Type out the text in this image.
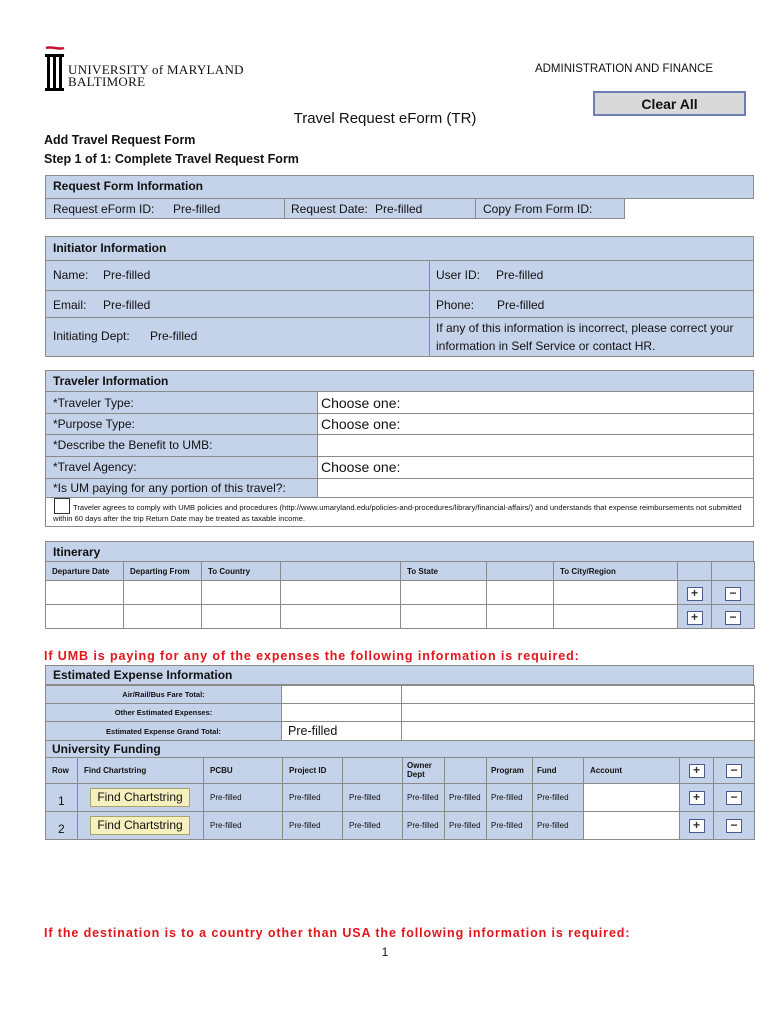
UNIVERSITY of MARYLAND
BALTIMORE
ADMINISTRATION AND FINANCE
Clear All
Travel Request eForm (TR)
Add Travel Request Form
Step 1 of 1: Complete Travel Request Form
Request Form Information
Request eForm ID: Pre-filled	Request Date: Pre-filled	Copy From Form ID:
Initiator Information
Name: Pre-filled	User ID: Pre-filled
Email: Pre-filled	Phone: Pre-filled
Initiating Dept: Pre-filled
If any of this information is incorrect, please correct your information in Self Service or contact HR.
Traveler Information
*Traveler Type:	Choose one:
*Purpose Type:	Choose one:
*Describe the Benefit to UMB:
*Travel Agency:	Choose one:
*Is UM paying for any portion of this travel?:
Traveler agrees to comply with UMB policies and procedures (http://www.umaryland.edu/policies-and-procedures/library/financial-affairs/) and understands that expense reimbursements not submitted within 60 days after the trip Return Date may be treated as taxable income.
Itinerary
Departure Date	Departing From	To Country		To State		To City/Region		
							+	−
							+	−
If UMB is paying for any of the expenses the following information is required:
Estimated Expense Information
Air/Rail/Bus Fare Total:		
Other Estimated Expenses:		
Estimated Expense Grand Total:	Pre-filled	
University Funding

Row	Find Chartstring	PCBU	Project ID		Owner Dept		Program	Fund	Account	+	−
1	Find Chartstring	Pre-filled	Pre-filled	Pre-filled	Pre-filled	Pre-filled	Pre-filled	Pre-filled		+	−
2	Find Chartstring	Pre-filled	Pre-filled	Pre-filled	Pre-filled	Pre-filled	Pre-filled	Pre-filled		+	−
If the destination is to a country other than USA the following information is required:
1
